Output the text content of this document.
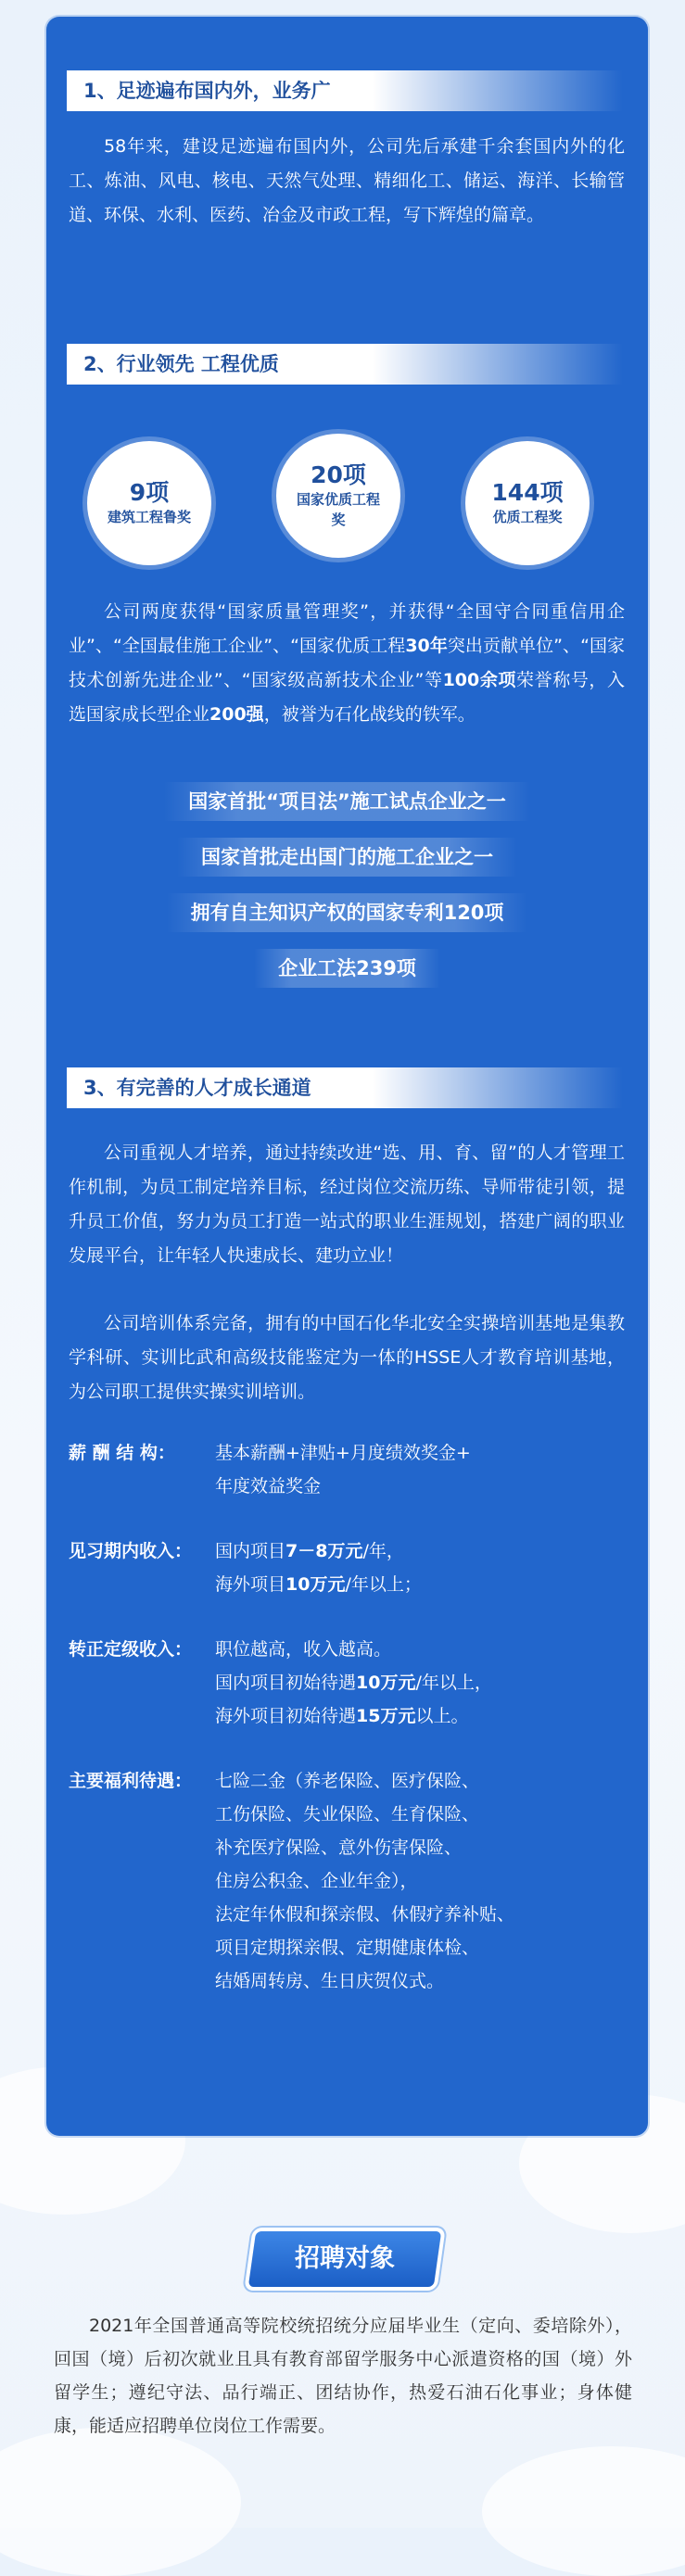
1、足迹遍布国内外，业务广

58年来，建设足迹遍布国内外，公司先后承建千余套国内外的化工、炼油、风电、核电、天然气处理、精细化工、储运、海洋、长输管道、环保、水利、医药、冶金及市政工程，写下辉煌的篇章。

2、行业领先 工程优质
9项
建筑工程鲁奖
20项
国家优质工程奖
144项
优质工程奖

公司两度获得“国家质量管理奖”，并获得“全国守合同重信用企业”、“全国最佳施工企业”、“国家优质工程30年突出贡献单位”、“国家技术创新先进企业”、“国家级高新技术企业”等100余项荣誉称号，入选国家成长型企业200强，被誉为石化战线的铁军。

国家首批“项目法”施工试点企业之一
国家首批走出国门的施工企业之一
拥有自主知识产权的国家专利120项
企业工法239项
3、有完善的人才成长通道

公司重视人才培养，通过持续改进“选、用、育、留”的人才管理工作机制，为员工制定培养目标，经过岗位交流历练、导师带徒引领，提升员工价值，努力为员工打造一站式的职业生涯规划，搭建广阔的职业发展平台，让年轻人快速成长、建功立业！

公司培训体系完备，拥有的中国石化华北安全实操培训基地是集教学科研、实训比武和高级技能鉴定为一体的HSSE人才教育培训基地，为公司职工提供实操实训培训。

薪 酬 结 构：	基本薪酬+津贴+月度绩效奖金+
年度效益奖金
见习期内收入：	国内项目7－8万元/年，
海外项目10万元/年以上；
转正定级收入：	职位越高，收入越高。
国内项目初始待遇10万元/年以上，
海外项目初始待遇15万元以上。
主要福利待遇：	七险二金（养老保险、医疗保险、
工伤保险、失业保险、生育保险、
补充医疗保险、意外伤害保险、
住房公积金、企业年金），
法定年休假和探亲假、休假疗养补贴、
项目定期探亲假、定期健康体检、
结婚周转房、生日庆贺仪式。
招聘对象

2021年全国普通高等院校统招统分应届毕业生（定向、委培除外），回国（境）后初次就业且具有教育部留学服务中心派遣资格的国（境）外留学生；遵纪守法、品行端正、团结协作，热爱石油石化事业；身体健康，能适应招聘单位岗位工作需要。
